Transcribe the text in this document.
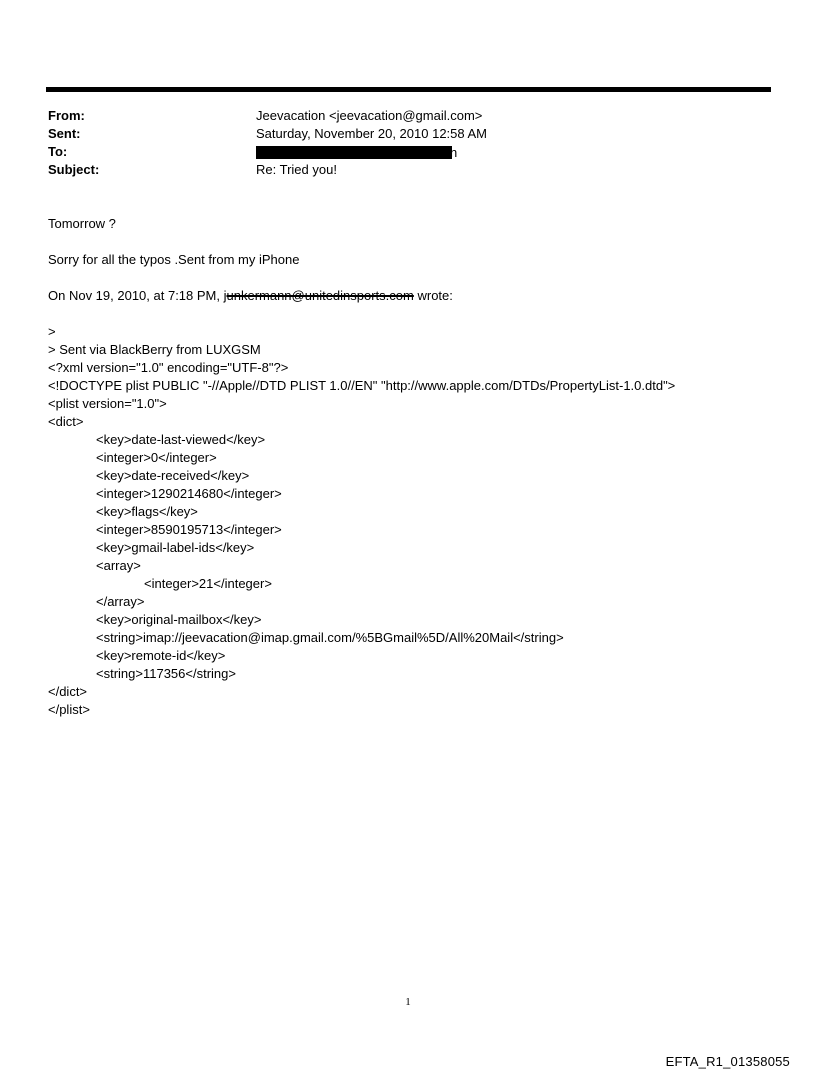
From:	Jeevacation <jeevacation@gmail.com>
Sent:	Saturday, November 20, 2010 12:58 AM
To:	n
Subject:	Re: Tried you!
Tomorrow ?
Sorry for all the typos .Sent from my iPhone
On Nov 19, 2010, at 7:18 PM, junkermann@unitedinsports.com wrote:
>
> Sent via BlackBerry from LUXGSM
<?xml version="1.0" encoding="UTF-8"?>
<!DOCTYPE plist PUBLIC "-//Apple//DTD PLIST 1.0//EN" "http://www.apple.com/DTDs/PropertyList-1.0.dtd">
<plist version="1.0">
<dict>
<key>date-last-viewed</key>
<integer>0</integer>
<key>date-received</key>
<integer>1290214680</integer>
<key>flags</key>
<integer>8590195713</integer>
<key>gmail-label-ids</key>
<array>
<integer>21</integer>
</array>
<key>original-mailbox</key>
<string>imap://jeevacation@imap.gmail.com/%5BGmail%5D/All%20Mail</string>
<key>remote-id</key>
<string>117356</string>
</dict>
</plist>
1
EFTA_R1_01358055
